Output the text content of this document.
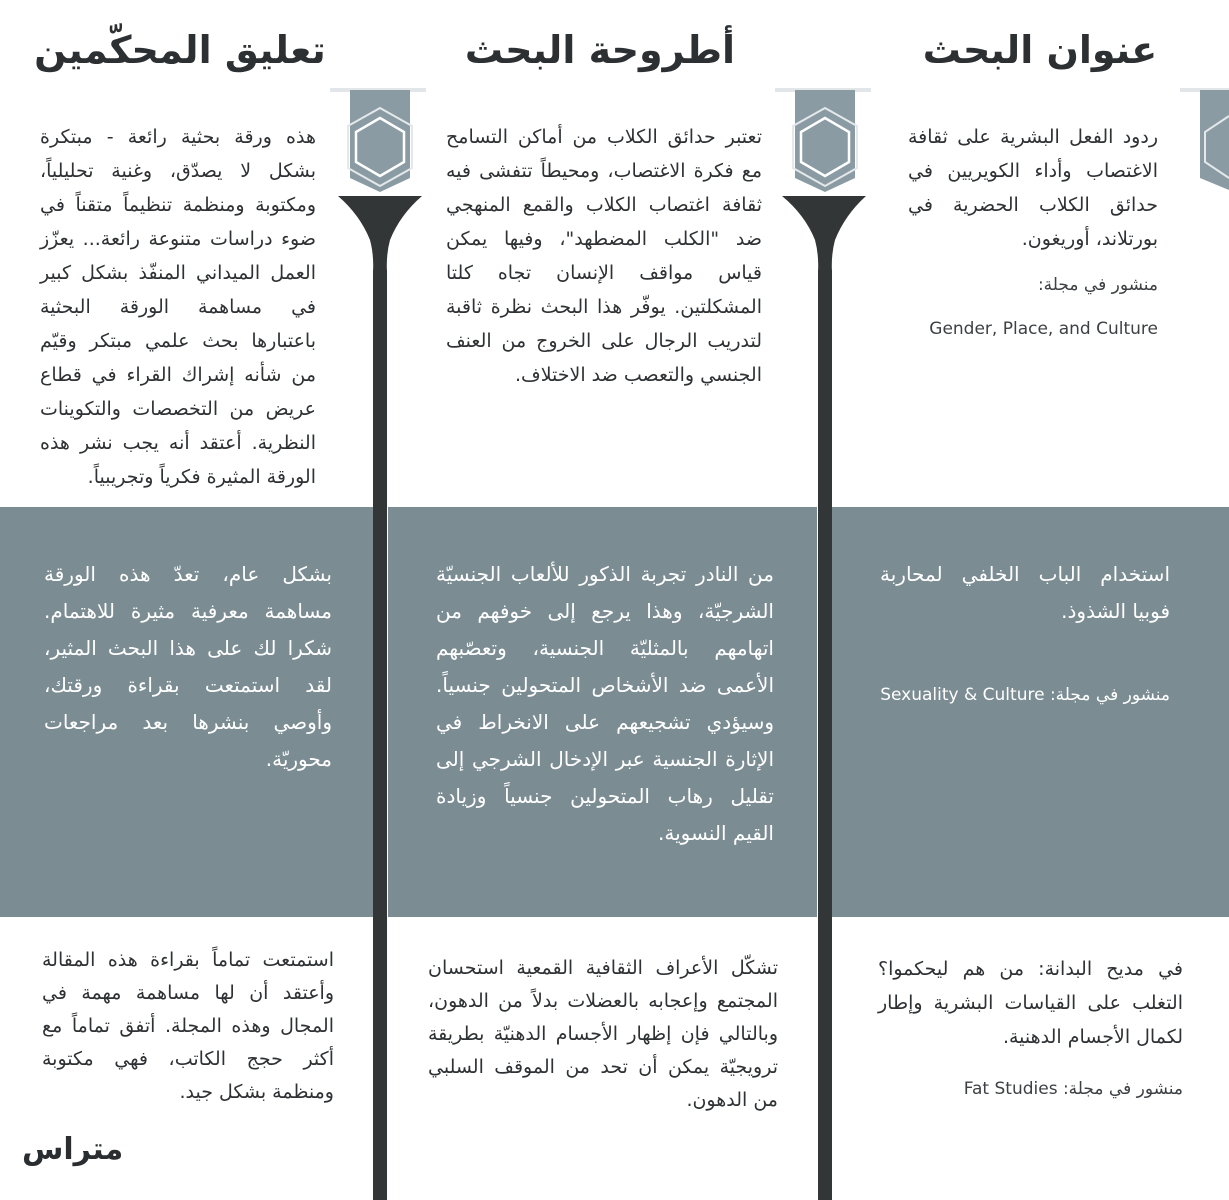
عنوان البحث
أطروحة البحث
تعليق المحكّمين
ردود الفعل البشرية على ثقافة الاغتصاب وأداء الكويريين في حدائق الكلاب الحضرية في بورتلاند، أوريغون.
منشور في مجلة:
Gender, Place, and Culture
تعتبر حدائق الكلاب من أماكن التسامح مع فكرة الاغتصاب، ومحيطاً تتفشى فيه ثقافة اغتصاب الكلاب والقمع المنهجي ضد "الكلب المضطهد"، وفيها يمكن قياس مواقف الإنسان تجاه كلتا المشكلتين. يوفّر هذا البحث نظرة ثاقبة لتدريب الرجال على الخروج من العنف الجنسي والتعصب ضد الاختلاف.
هذه ورقة بحثية رائعة - مبتكرة بشكل لا يصدّق، وغنية تحليلياً، ومكتوبة ومنظمة تنظيماً متقناً في ضوء دراسات متنوعة رائعة... يعزّز العمل الميداني المنفّذ بشكل كبير في مساهمة الورقة البحثية باعتبارها بحث علمي مبتكر وقيّم من شأنه إشراك القراء في قطاع عريض من التخصصات والتكوينات النظرية. أعتقد أنه يجب نشر هذه الورقة المثيرة فكرياً وتجريبياً.
استخدام الباب الخلفي لمحاربة فوبيا الشذوذ.
منشور في مجلة: Sexuality & Culture
من النادر تجربة الذكور للألعاب الجنسيّة الشرجيّة، وهذا يرجع إلى خوفهم من اتهامهم بالمثليّة الجنسية، وتعصّبهم الأعمى ضد الأشخاص المتحولين جنسياً. وسيؤدي تشجيعهم على الانخراط في الإثارة الجنسية عبر الإدخال الشرجي إلى تقليل رهاب المتحولين جنسياً وزيادة القيم النسوية.
بشكل عام، تعدّ هذه الورقة مساهمة معرفية مثيرة للاهتمام. شكرا لك على هذا البحث المثير، لقد استمتعت بقراءة ورقتك، وأوصي بنشرها بعد مراجعات محوريّة.
في مديح البدانة: من هم ليحكموا؟ التغلب على القياسات البشرية وإطار لكمال الأجسام الدهنية.
منشور في مجلة: Fat Studies
تشكّل الأعراف الثقافية القمعية استحسان المجتمع وإعجابه بالعضلات بدلاً من الدهون، وبالتالي فإن إظهار الأجسام الدهنيّة بطريقة ترويجيّة يمكن أن تحد من الموقف السلبي من الدهون.
استمتعت تماماً بقراءة هذه المقالة وأعتقد أن لها مساهمة مهمة في المجال وهذه المجلة. أتفق تماماً مع أكثر حجج الكاتب، فهي مكتوبة ومنظمة بشكل جيد.
متراس
